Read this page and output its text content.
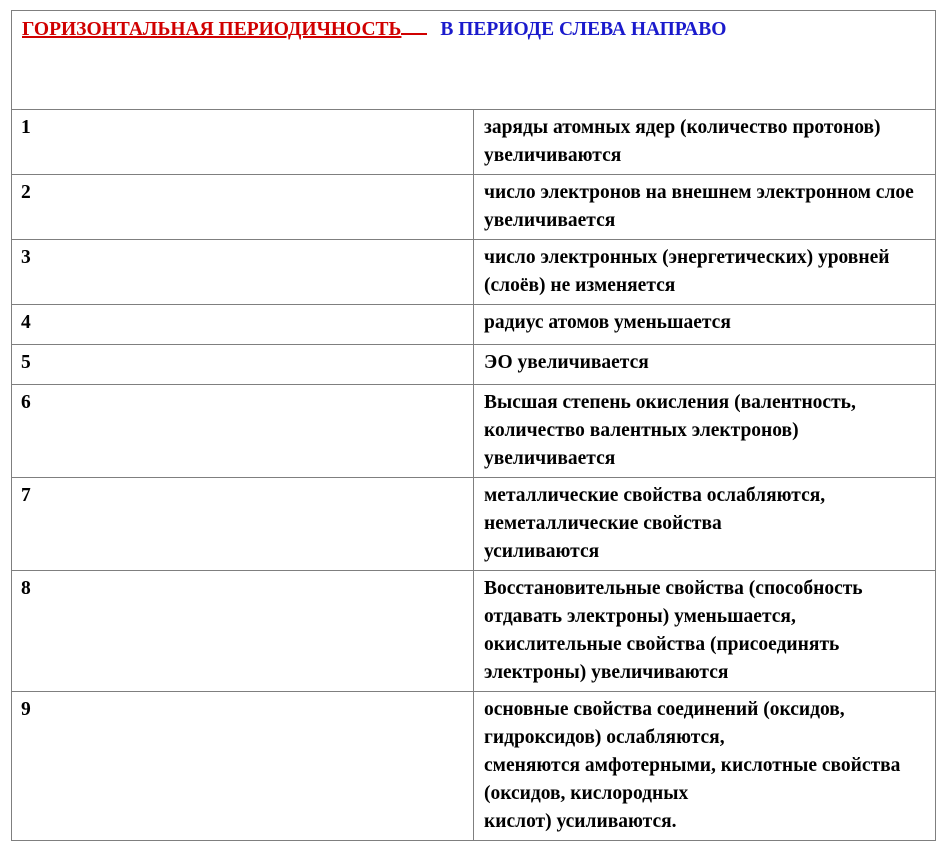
ГОРИЗОНТАЛЬНАЯ ПЕРИОДИЧНОСТЬ В ПЕРИОДЕ СЛЕВА НАПРАВО	
1	заряды атомных ядер (количество протонов) увеличиваются

2	число электронов на внешнем электронном слое увеличивается

3	число электронных (энергетических) уровней (слоёв) не изменяется

4	радиус атомов уменьшается

5	ЭО увеличивается

6	Высшая степень окисления (валентность, количество валентных электронов)
увеличивается

7	металлические свойства ослабляются, неметаллические свойства
усиливаются

8	Восстановительные свойства (способность отдавать электроны) уменьшается,
окислительные свойства (присоединять электроны) увеличиваются

9	основные свойства соединений (оксидов, гидроксидов) ослабляются,
сменяются амфотерными, кислотные свойства (оксидов, кислородных
кислот) усиливаются.
